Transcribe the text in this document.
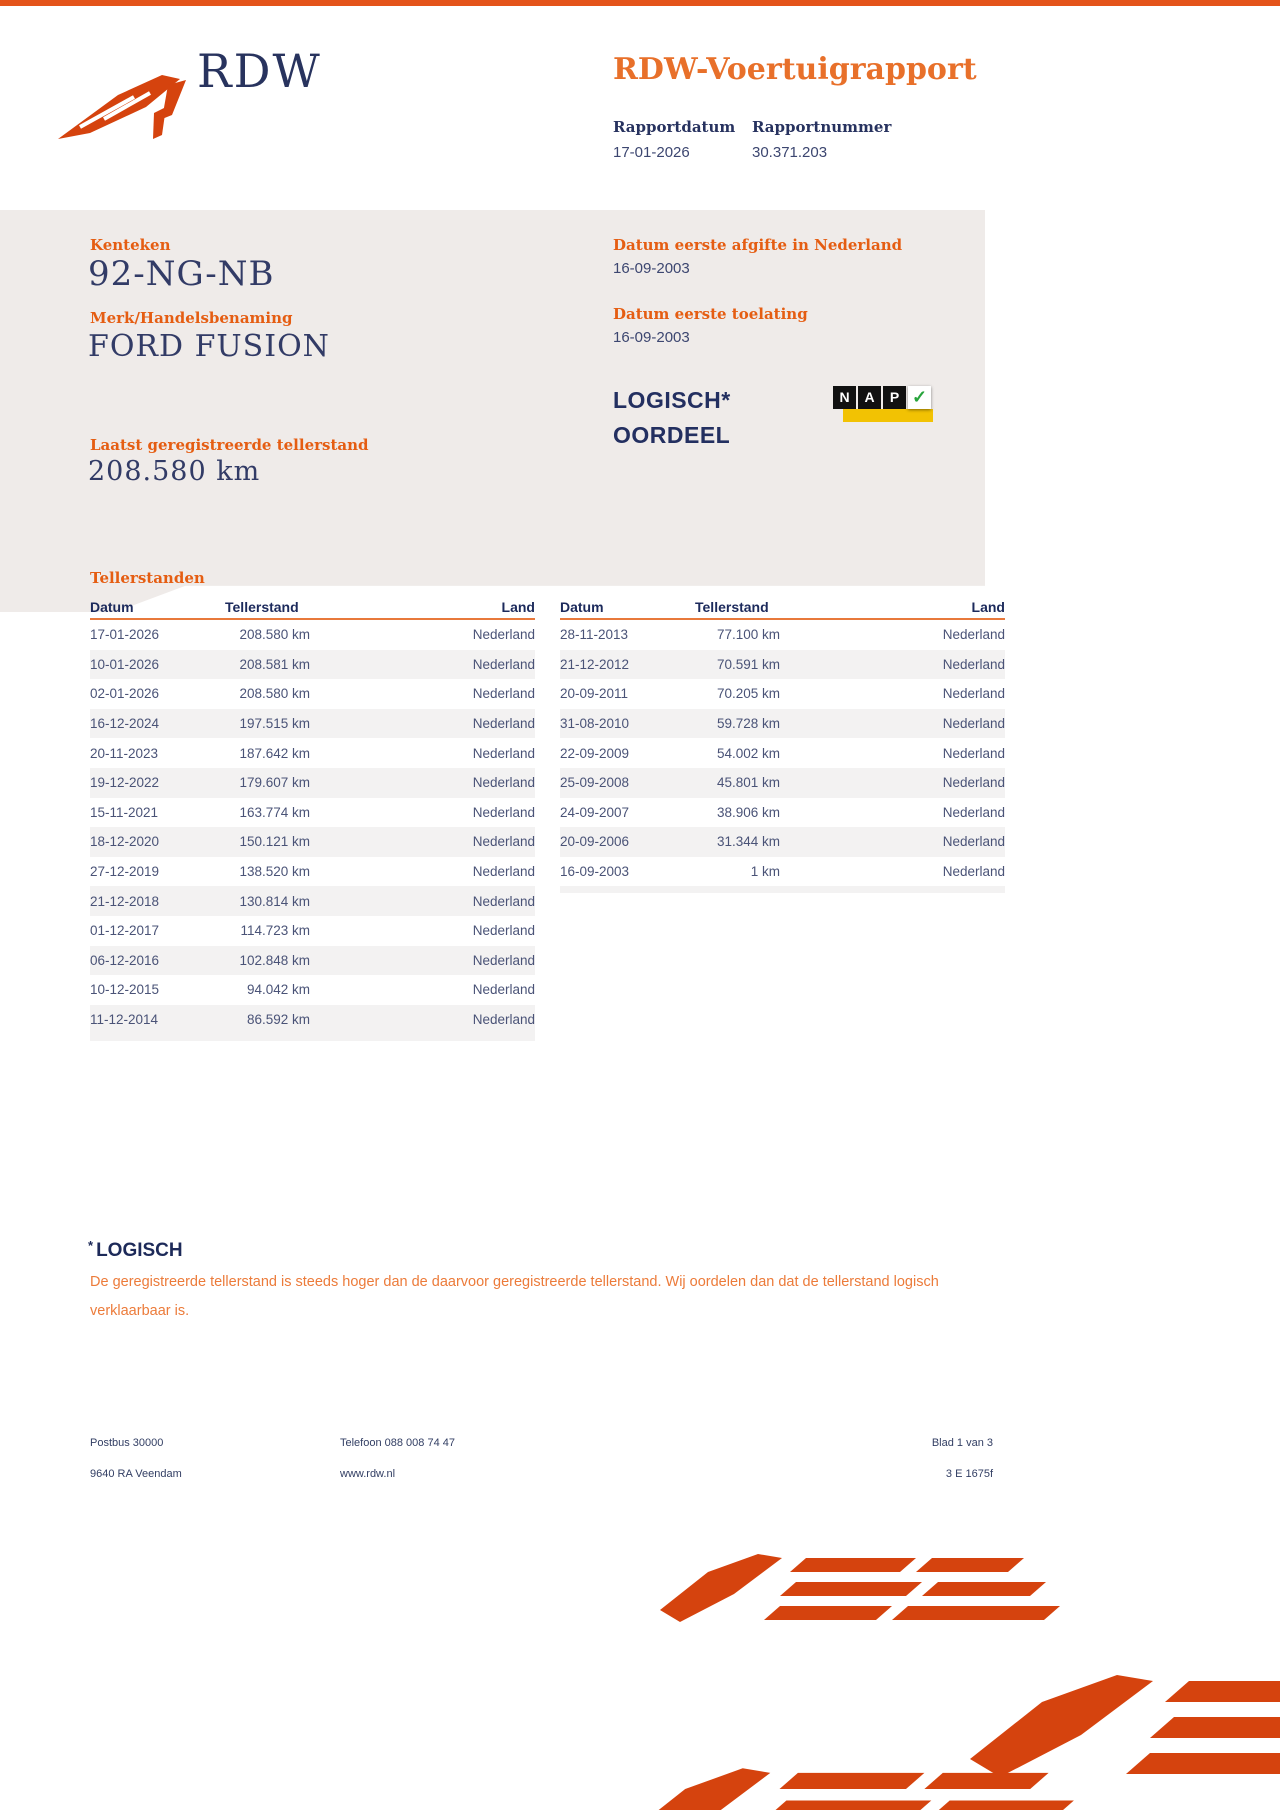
RDW	RDW-Voertuigrapport
Rapportdatum Rapportnummer
17-01-2026	30.371.203
Kenteken
92-NG-NB
Merk/Handelsbenaming
FORD FUSION
Laatst geregistreerde tellerstand
208.580 km
Datum eerste afgifte in Nederland
16-09-2003
Datum eerste toelating
16-09-2003
LOGISCH*
OORDEEL
N	A	P ✓
Tellerstanden
Datum	Tellerstand	Land
17-01-2026	208.580 km	Nederland
10-01-2026	208.581 km	Nederland
02-01-2026	208.580 km	Nederland
16-12-2024	197.515 km	Nederland
20-11-2023	187.642 km	Nederland
19-12-2022	179.607 km	Nederland
15-11-2021	163.774 km	Nederland
18-12-2020	150.121 km	Nederland
27-12-2019	138.520 km	Nederland
21-12-2018	130.814 km	Nederland
01-12-2017	114.723 km	Nederland
06-12-2016	102.848 km	Nederland
10-12-2015	94.042 km	Nederland
11-12-2014	86.592 km	Nederland
Datum	Tellerstand	Land
28-11-2013	77.100 km	Nederland
21-12-2012	70.591 km	Nederland
20-09-2011	70.205 km	Nederland
31-08-2010	59.728 km	Nederland
22-09-2009	54.002 km	Nederland
25-09-2008	45.801 km	Nederland
24-09-2007	38.906 km	Nederland
20-09-2006	31.344 km	Nederland
16-09-2003	1 km	Nederland
* LOGISCH
De geregistreerde tellerstand is steeds hoger dan de daarvoor geregistreerde tellerstand. Wij oordelen dan dat de tellerstand logisch verklaarbaar is.
Postbus 30000
9640 RA Veendam
Telefoon 088 008 74 47
www.rdw.nl
Blad 1 van 3
3 E 1675f
